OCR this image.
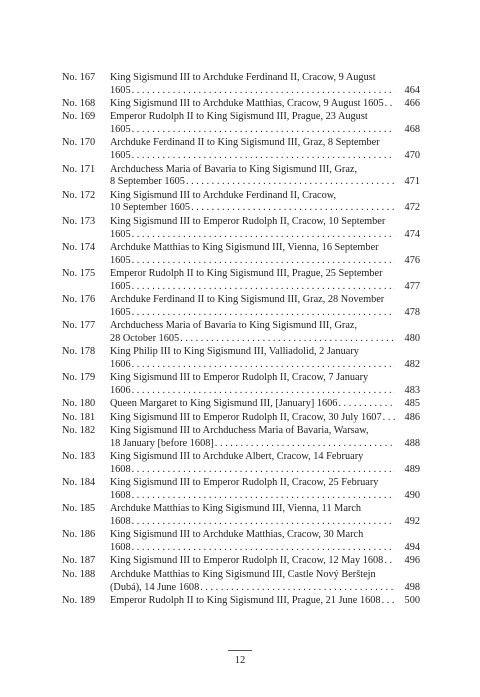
No. 167	King Sigismund III to Archduke Ferdinand II, Cracow, 9 August
1605 . . .	464
No. 168	King Sigismund III to Archduke Matthias, Cracow, 9 August 1605 . . .	466
No. 169	Emperor Rudolph II to King Sigismund III, Prague, 23 August
1605 . . .	468
No. 170	Archduke Ferdinand II to King Sigismund III, Graz, 8 September
1605 . . .	470
No. 171	Archduchess Maria of Bavaria to King Sigismund III, Graz,
8 September 1605 . . .	471
No. 172	King Sigismund III to Archduke Ferdinand II, Cracow,
10 September 1605 . . .	472
No. 173	King Sigismund III to Emperor Rudolph II, Cracow, 10 September
1605 . . .	474
No. 174	Archduke Matthias to King Sigismund III, Vienna, 16 September
1605 . . .	476
No. 175	Emperor Rudolph II to King Sigismund III, Prague, 25 September
1605 . . .	477
No. 176	Archduke Ferdinand II to King Sigismund III, Graz, 28 November
1605 . . .	478
No. 177	Archduchess Maria of Bavaria to King Sigismund III, Graz,
28 October 1605 . . .	480
No. 178	King Philip III to King Sigismund III, Valliadolid, 2 January
1606 . . .	482
No. 179	King Sigismund III to Emperor Rudolph II, Cracow, 7 January
1606 . . .	483
No. 180	Queen Margaret to King Sigismund III, [January] 1606 . . .	485
No. 181	King Sigismund III to Emperor Rudolph II, Cracow, 30 July 1607 . . .	486
No. 182	King Sigismund III to Archduchess Maria of Bavaria, Warsaw,
18 January [before 1608] . . .	488
No. 183	King Sigismund III to Archduke Albert, Cracow, 14 February
1608 . . .	489
No. 184	King Sigismund III to Emperor Rudolph II, Cracow, 25 February
1608 . . .	490
No. 185	Archduke Matthias to King Sigismund III, Vienna, 11 March
1608 . . .	492
No. 186	King Sigismund III to Archduke Matthias, Cracow, 30 March
1608 . . .	494
No. 187	King Sigismund III to Emperor Rudolph II, Cracow, 12 May 1608 . . .	496
No. 188	Archduke Matthias to King Sigismund III, Castle Nový Berštejn
(Dubá), 14 June 1608 . . .	498
No. 189	Emperor Rudolph II to King Sigismund III, Prague, 21 June 1608 . . .	500
12
